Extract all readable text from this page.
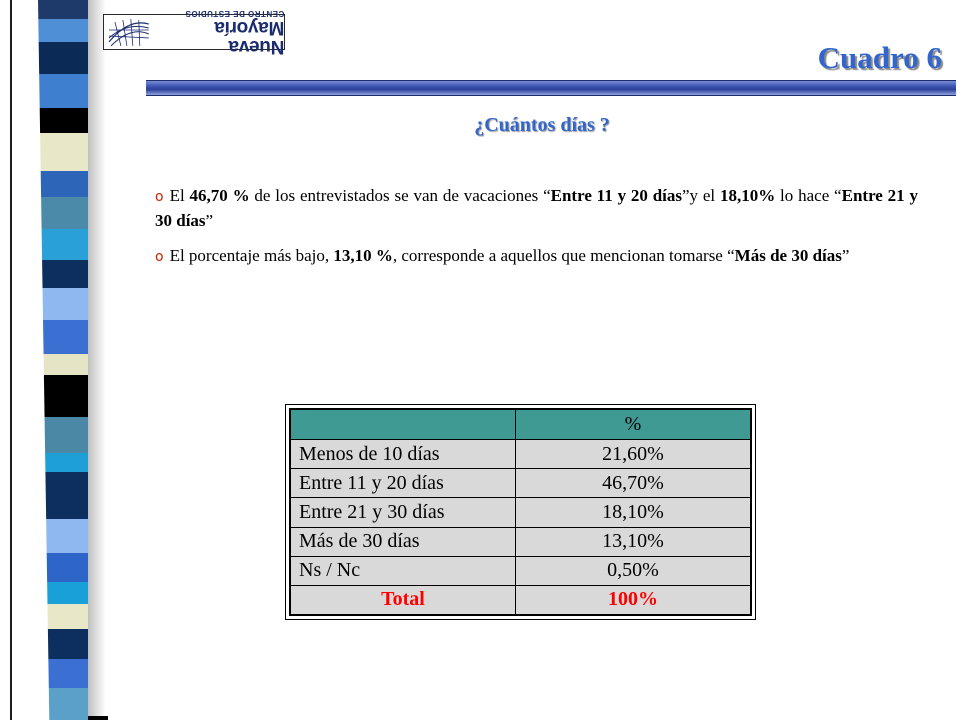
Nueva Mayoría
CENTRO DE ESTUDIOS
Cuadro 6
¿Cuántos días ?
o El 46,70 % de los entrevistados se van de vacaciones “Entre 11 y 20 días”y el 18,10% lo hace “Entre 21 y 30 días”
o El porcentaje más bajo, 13,10 %, corresponde a aquellos que mencionan tomarse “Más de 30 días”
	%
Menos de 10 días	21,60%
Entre 11 y 20 días	46,70%
Entre 21 y 30 días	18,10%
Más de 30 días	13,10%
Ns / Nc	0,50%
Total	100%
